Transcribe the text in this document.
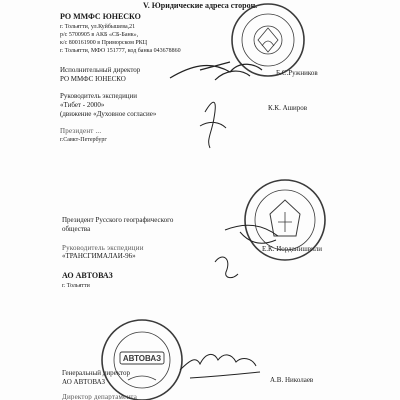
V. Юридические адреса сторон.
РО ММФС ЮНЕСКО
г. Тольятти, ул.Куйбышева,21
р/с 5700905 в АКБ «СБ-Банк»,
к/с 800161900 в Приморском РКЦ
г. Тольятти, МФО 151777, код банка 043678860
Исполнительный директор
РО ММФС ЮНЕСКО
Б.С.Ружников
Руководитель экспедиции
«Тибет - 2000»
(движение «Духовное согласие»
К.К. Аширов
Президент ...
г.Савкт-Петербург
Президент Русского географического
общества
Руководитель экспедиции
«ТРАНСГИМАЛАИ-96»
Е.К. Иорданишвили
АО АВТОВАЗ
г. Тольятти
Генеральный директор
АО АВТОВАЗ	А.В. Николаев
Директор департамента
АВТОВАЗ
